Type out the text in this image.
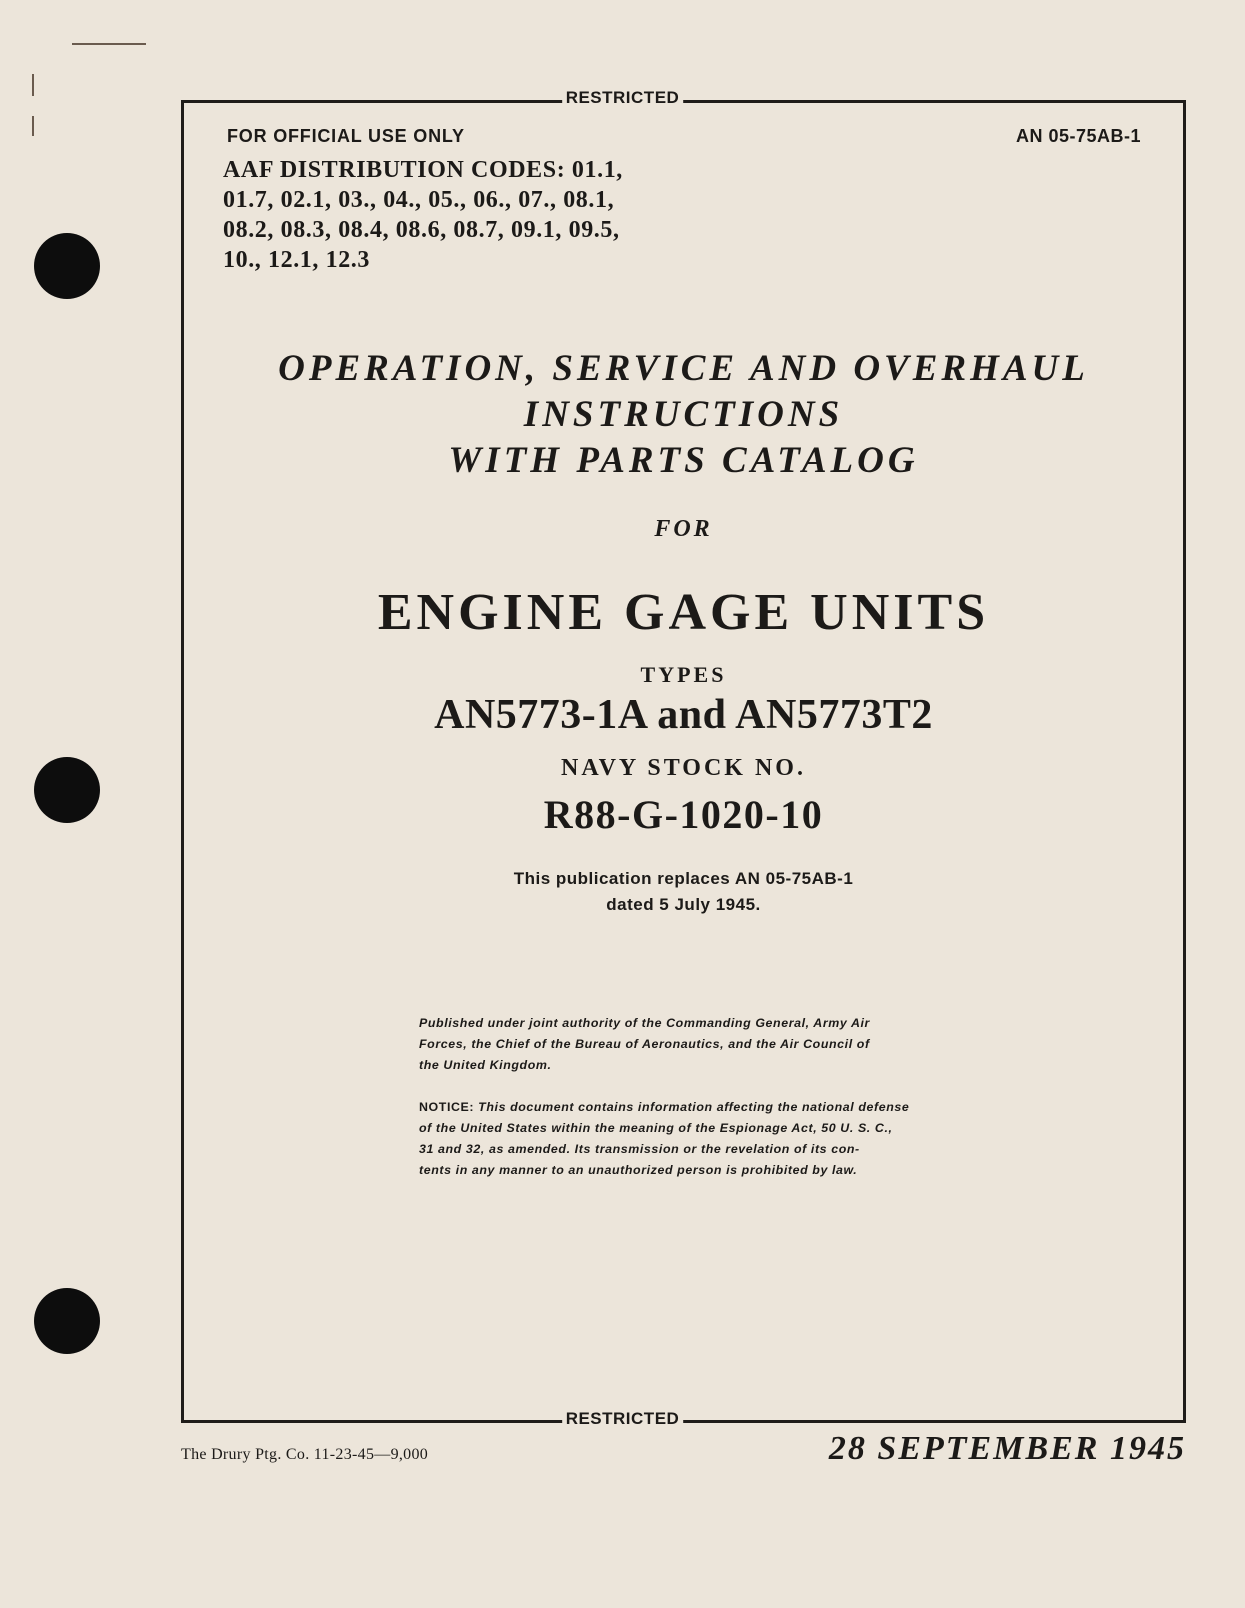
RESTRICTED
FOR OFFICIAL USE ONLY	AN 05-75AB-1
AAF DISTRIBUTION CODES: 01.1,
01.7, 02.1, 03., 04., 05., 06., 07., 08.1,
08.2, 08.3, 08.4, 08.6, 08.7, 09.1, 09.5,
10., 12.1, 12.3
OPERATION, SERVICE AND OVERHAUL
INSTRUCTIONS
WITH PARTS CATALOG
FOR
ENGINE GAGE UNITS
TYPES
AN5773-1A and AN5773T2
NAVY STOCK NO.
R88-G-1020-10
This publication replaces AN 05-75AB-1
dated 5 July 1945.
Published under joint authority of the Commanding General, Army Air
Forces, the Chief of the Bureau of Aeronautics, and the Air Council of
the United Kingdom.
NOTICE: This document contains information affecting the national defense
of the United States within the meaning of the Espionage Act, 50 U. S. C.,
31 and 32, as amended. Its transmission or the revelation of its con-
tents in any manner to an unauthorized person is prohibited by law.
RESTRICTED
The Drury Ptg. Co. 11-23-45—9,000	28 SEPTEMBER 1945
